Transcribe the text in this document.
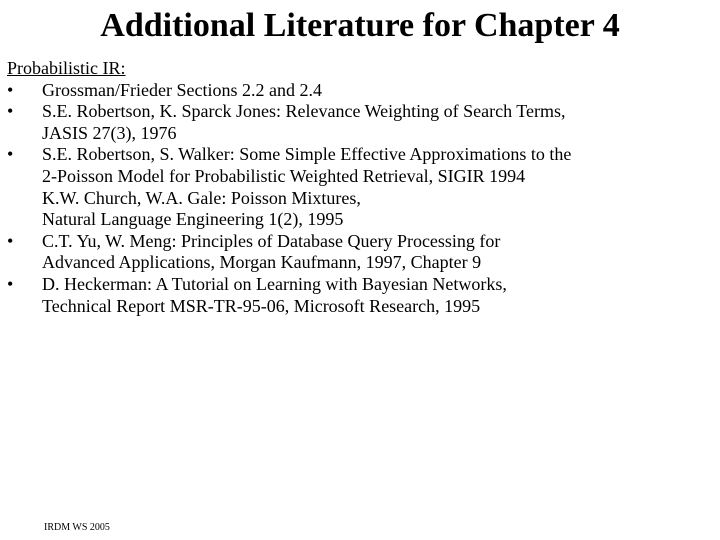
Additional Literature for Chapter 4
Probabilistic IR:
• Grossman/Frieder Sections 2.2 and 2.4
• S.E. Robertson, K. Sparck Jones: Relevance Weighting of Search Terms,
JASIS 27(3), 1976
• S.E. Robertson, S. Walker: Some Simple Effective Approximations to the
2-Poisson Model for Probabilistic Weighted Retrieval, SIGIR 1994
K.W. Church, W.A. Gale: Poisson Mixtures,
Natural Language Engineering 1(2), 1995
• C.T. Yu, W. Meng: Principles of Database Query Processing for
Advanced Applications, Morgan Kaufmann, 1997, Chapter 9
• D. Heckerman: A Tutorial on Learning with Bayesian Networks,
Technical Report MSR-TR-95-06, Microsoft Research, 1995
IRDM WS 2005
